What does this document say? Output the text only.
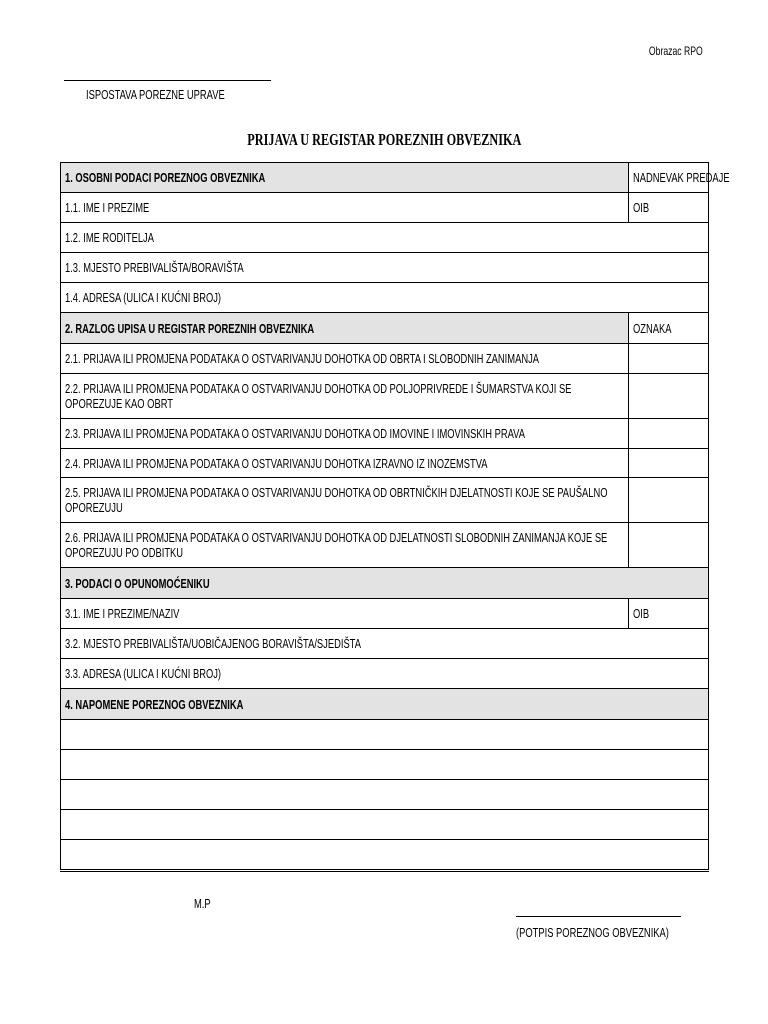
Obrazac RPO
ISPOSTAVA POREZNE UPRAVE
PRIJAVA U REGISTAR POREZNIH OBVEZNIKA
1. OSOBNI PODACI POREZNOG OBVEZNIKA	NADNEVAK PREDAJE
1.1. IME I PREZIME	OIB
1.2. IME RODITELJA	
1.3. MJESTO PREBIVALIŠTA/BORAVIŠTA	
1.4. ADRESA (ULICA I KUĆNI BROJ)	
2. RAZLOG UPISA U REGISTAR POREZNIH OBVEZNIKA	OZNAKA
2.1. PRIJAVA ILI PROMJENA PODATAKA O OSTVARIVANJU DOHOTKA OD OBRTA I SLOBODNIH ZANIMANJA	

2.2. PRIJAVA ILI PROMJENA PODATAKA O OSTVARIVANJU DOHOTKA OD POLJOPRIVREDE I ŠUMARSTVA KOJI SE OPOREZUJE KAO OBRT	

2.3. PRIJAVA ILI PROMJENA PODATAKA O OSTVARIVANJU DOHOTKA OD IMOVINE I IMOVINSKIH PRAVA	
2.4. PRIJAVA ILI PROMJENA PODATAKA O OSTVARIVANJU DOHOTKA IZRAVNO IZ INOZEMSTVA	

2.5. PRIJAVA ILI PROMJENA PODATAKA O OSTVARIVANJU DOHOTKA OD OBRTNIČKIH DJELATNOSTI KOJE SE PAUŠALNO OPOREZUJU	

2.6. PRIJAVA ILI PROMJENA PODATAKA O OSTVARIVANJU DOHOTKA OD DJELATNOSTI SLOBODNIH ZANIMANJA KOJE SE OPOREZUJU PO ODBITKU	

3. PODACI O OPUNOMOĆENIKU	
3.1. IME I PREZIME/NAZIV	OIB
3.2. MJESTO PREBIVALIŠTA/UOBIČAJENOG BORAVIŠTA/SJEDIŠTA	
3.3. ADRESA (ULICA I KUĆNI BROJ)	
4. NAPOMENE POREZNOG OBVEZNIKA	

M.P
(POTPIS POREZNOG OBVEZNIKA)
